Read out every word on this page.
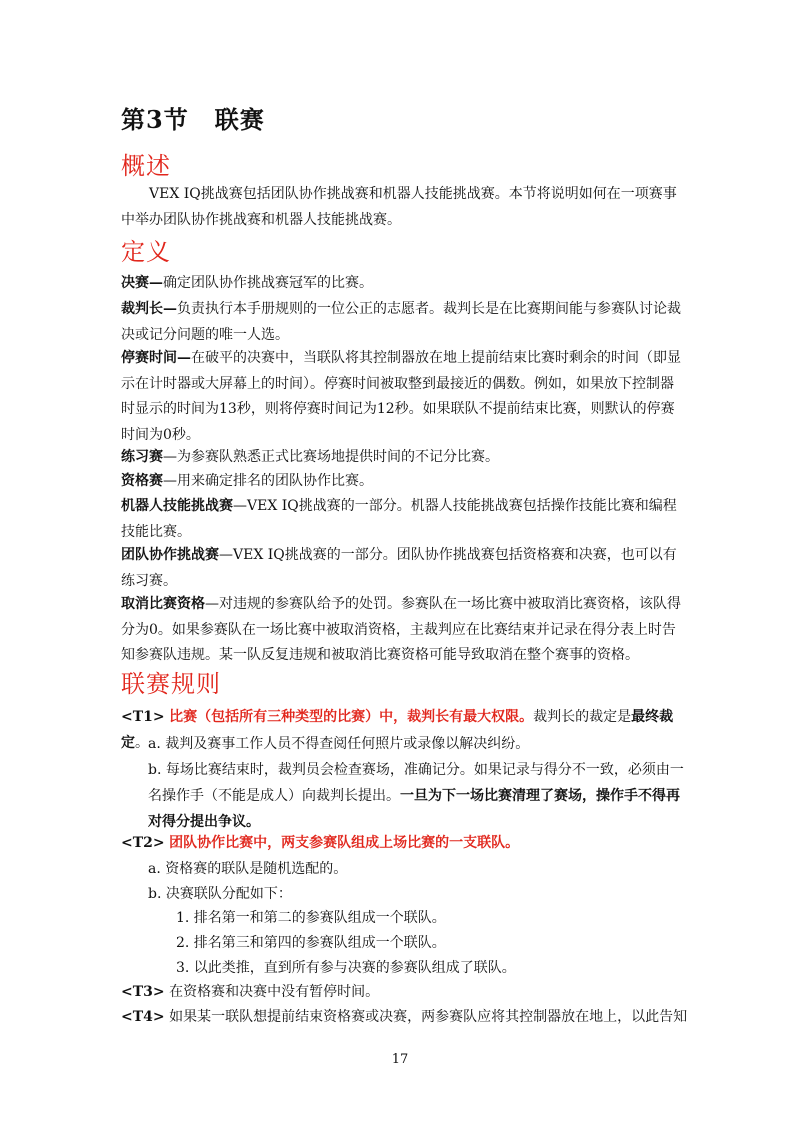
第3节 联赛
概述

VEX IQ挑战赛包括团队协作挑战赛和机器人技能挑战赛。本节将说明如何在一项赛事中举办团队协作挑战赛和机器人技能挑战赛。

定义

决赛—确定团队协作挑战赛冠军的比赛。

裁判长—负责执行本手册规则的一位公正的志愿者。裁判长是在比赛期间能与参赛队讨论裁决或记分问题的唯一人选。

停赛时间—在破平的决赛中，当联队将其控制器放在地上提前结束比赛时剩余的时间（即显示在计时器或大屏幕上的时间）。停赛时间被取整到最接近的偶数。例如，如果放下控制器时显示的时间为13秒，则将停赛时间记为12秒。如果联队不提前结束比赛，则默认的停赛时间为0秒。

练习赛—为参赛队熟悉正式比赛场地提供时间的不记分比赛。

资格赛—用来确定排名的团队协作比赛。

机器人技能挑战赛—VEX IQ挑战赛的一部分。机器人技能挑战赛包括操作技能比赛和编程技能比赛。

团队协作挑战赛—VEX IQ挑战赛的一部分。团队协作挑战赛包括资格赛和决赛，也可以有练习赛。

取消比赛资格—对违规的参赛队给予的处罚。参赛队在一场比赛中被取消比赛资格，该队得分为0。如果参赛队在一场比赛中被取消资格，主裁判应在比赛结束并记录在得分表上时告知参赛队违规。某一队反复违规和被取消比赛资格可能导致取消在整个赛事的资格。

联赛规则

<T1> 比赛（包括所有三种类型的比赛）中，裁判长有最大权限。裁判长的裁定是最终裁定。 a. 裁判及赛事工作人员不得查阅任何照片或录像以解决纠纷。

b. 每场比赛结束时，裁判员会检查赛场，准确记分。如果记录与得分不一致，必须由一名操作手（不能是成人）向裁判长提出。一旦为下一场比赛清理了赛场，操作手不得再对得分提出争议。

<T2> 团队协作比赛中，两支参赛队组成上场比赛的一支联队。

a. 资格赛的联队是随机选配的。

b. 决赛联队分配如下：

1. 排名第一和第二的参赛队组成一个联队。

2. 排名第三和第四的参赛队组成一个联队。

3. 以此类推，直到所有参与决赛的参赛队组成了联队。

<T3> 在资格赛和决赛中没有暂停时间。

<T4> 如果某一联队想提前结束资格赛或决赛，两参赛队应将其控制器放在地上，以此告知

17
